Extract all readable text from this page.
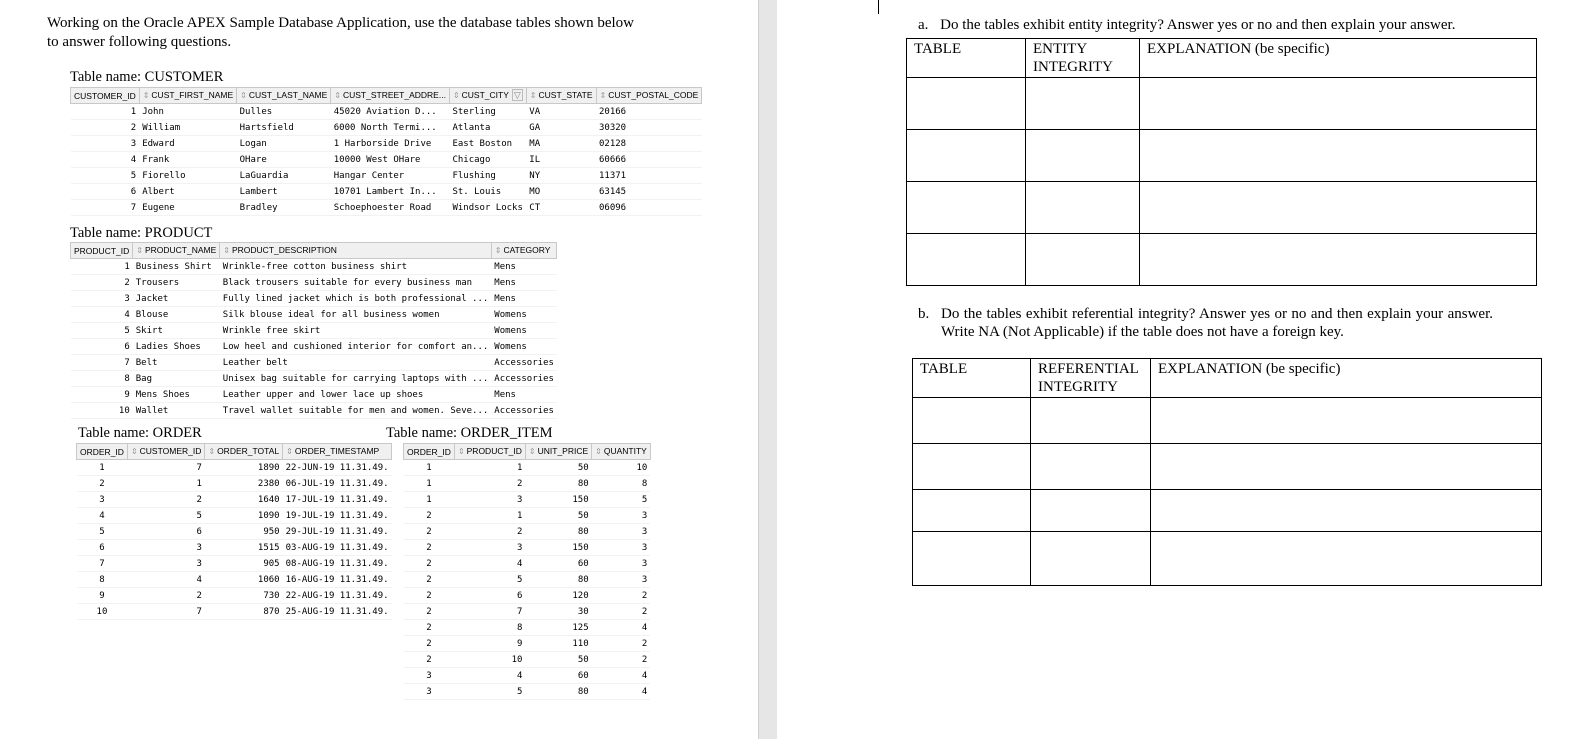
Working on the Oracle APEX Sample Database Application, use the database tables shown below to answer following questions.
Table name: CUSTOMER
CUSTOMER_ID	⇕ CUST_FIRST_NAME	⇕ CUST_LAST_NAME	⇕ CUST_STREET_ADDRE...	⇕ CUST_CITY ▽	⇕ CUST_STATE	⇕ CUST_POSTAL_CODE
1	John	Dulles	45020 Aviation D...	Sterling	VA	20166
2	William	Hartsfield	6000 North Termi...	Atlanta	GA	30320
3	Edward	Logan	1 Harborside Drive	East Boston	MA	02128
4	Frank	OHare	10000 West OHare	Chicago	IL	60666
5	Fiorello	LaGuardia	Hangar Center	Flushing	NY	11371
6	Albert	Lambert	10701 Lambert In...	St. Louis	MO	63145
7	Eugene	Bradley	Schoephoester Road	Windsor Locks	CT	06096
Table name: PRODUCT
PRODUCT_ID	⇕ PRODUCT_NAME	⇕ PRODUCT_DESCRIPTION	⇕ CATEGORY
1	Business Shirt	Wrinkle-free cotton business shirt	Mens
2	Trousers	Black trousers suitable for every business man	Mens
3	Jacket	Fully lined jacket which is both professional ...	Mens
4	Blouse	Silk blouse ideal for all business women	Womens
5	Skirt	Wrinkle free skirt	Womens
6	Ladies Shoes	Low heel and cushioned interior for comfort an...	Womens
7	Belt	Leather belt	Accessories
8	Bag	Unisex bag suitable for carrying laptops with ...	Accessories
9	Mens Shoes	Leather upper and lower lace up shoes	Mens
10	Wallet	Travel wallet suitable for men and women. Seve...	Accessories
Table name: ORDER
ORDER_ID	⇕ CUSTOMER_ID	⇕ ORDER_TOTAL	⇕ ORDER_TIMESTAMP
1	7	1890	22-JUN-19 11.31.49.
2	1	2380	06-JUL-19 11.31.49.
3	2	1640	17-JUL-19 11.31.49.
4	5	1090	19-JUL-19 11.31.49.
5	6	950	29-JUL-19 11.31.49.
6	3	1515	03-AUG-19 11.31.49.
7	3	905	08-AUG-19 11.31.49.
8	4	1060	16-AUG-19 11.31.49.
9	2	730	22-AUG-19 11.31.49.
10	7	870	25-AUG-19 11.31.49.
Table name: ORDER_ITEM
ORDER_ID	⇕ PRODUCT_ID	⇕ UNIT_PRICE	⇕ QUANTITY
1	1	50	10
1	2	80	8
1	3	150	5
2	1	50	3
2	2	80	3
2	3	150	3
2	4	60	3
2	5	80	3
2	6	120	2
2	7	30	2
2	8	125	4
2	9	110	2
2	10	50	2
3	4	60	4
3	5	80	4
a. Do the tables exhibit entity integrity? Answer yes or no and then explain your answer.
TABLE	ENTITY INTEGRITY	EXPLANATION (be specific)

b. Do the tables exhibit referential integrity? Answer yes or no and then explain your answer. Write NA (Not Applicable) if the table does not have a foreign key.
TABLE	REFERENTIAL INTEGRITY	EXPLANATION (be specific)
